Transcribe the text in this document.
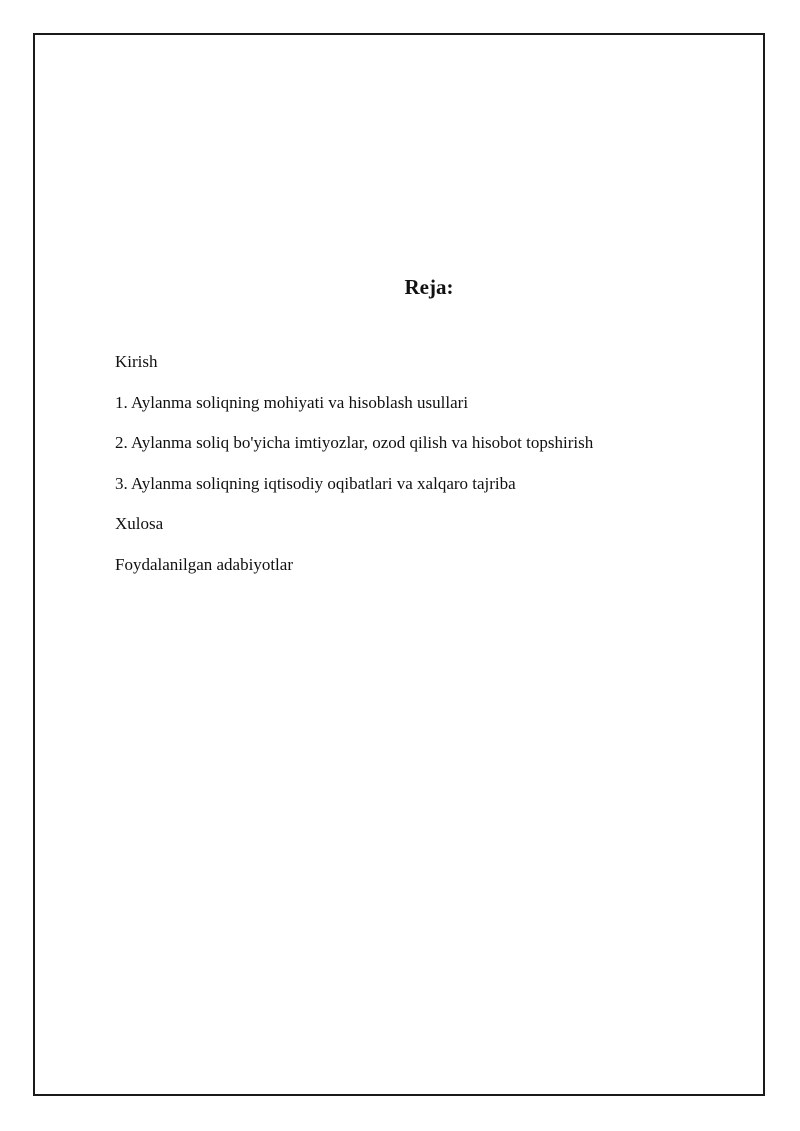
Reja:
Kirish
1. Aylanma soliqning mohiyati va hisoblash usullari
2. Aylanma soliq bo'yicha imtiyozlar, ozod qilish va hisobot topshirish
3. Aylanma soliqning iqtisodiy oqibatlari va xalqaro tajriba
Xulosa
Foydalanilgan adabiyotlar
